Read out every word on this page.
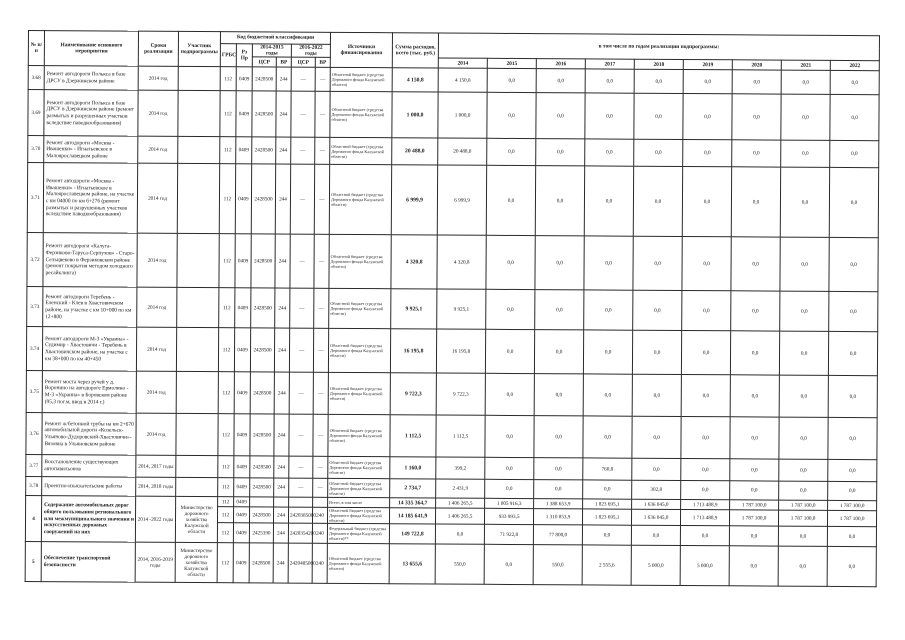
№ п/п	Наименование основного мероприятия	Сроки реализации	Участник подпрограммы	Код бюджетной классификации						Источники финансирования	Сумма расходов, всего (тыс. руб.)	в том числе по годам реализации подпрограммы:								
				ГРБС	Рз Пр	2014-2015 годы		2016-2022 годы												

						ЦСР	ВР	ЦСР	ВР			2014	2015	2016	2017	2018	2019	2020	2021	2022
3.68	Ремонт автодороги Полькса в базе ДРСУ в Дзержинском районе	2014 год		112	0409	2428500	244	—	—	Областной бюджет (средства Дорожного фонда Калужской области)	4 150,8	4 150,8	0,0	0,0	0,0	0,0	0,0	0,0	0,0	0,0
3.69	Ремонт автодороги Полькса в базе ДРСУ в Дзержинском районе (ремонт размытых и разрушенных участков вследствие паводкообразования)	2014 год		112	0409	2428500	244	—	—	Областной бюджет (средства Дорожного фонда Калужской области)	1 000,0	1 000,0	0,0	0,0	0,0	0,0	0,0	0,0	0,0	0,0
3.70	Ремонт автодороги «Москва - Ивашенки» - Игнатьевское в Малоярославецком районе	2014 год		112	0409	2428500	244	—	—	Областной бюджет (средства Дорожного фонда Калужской области)	20 488,0	20 488,0	0,0	0,0	0,0	0,0	0,0	0,0	0,0	0,0
3.71	Ремонт автодороги «Москва - Ивашенки» - Игнатьевское в Малоярославецком районе, на участке с км 04000 по км 6+276 (ремонт размытых и разрушенных участков вследствие паводкообразования)	2014 год		112	0409	2428500	244	—	—	Областной бюджет (средства Дорожного фонда Калужской области)	6 999,9	6 999,9	0,0	0,0	0,0	0,0	0,0	0,0	0,0	0,0
3.72	Ремонт автодороги «Калуга-Ферзиково-Таруса-Серпухов» - Старо-Сельцвеково в Ферзиковском районе (ремонт покрытия методом холодного ресайклинга)	2014 год		112	0409	2428500	244	—	—	Областной бюджет (средства Дорожного фонда Калужской области)	4 320,8	4 320,8	0,0	0,0	0,0	0,0	0,0	0,0	0,0	0,0
3.73	Ремонт автодороги Теребень - Еленский - Клев в Хвастовичском районе, на участке с км 10+000 по км 12+800	2014 год		112	0409	2428500	244	—	—	Областной бюджет (средства Дорожного фонда Калужской области)	9 925,1	9 925,1	0,0	0,0	0,0	0,0	0,0	0,0	0,0	0,0
3.74	Ремонт автодороги М-3 «Украина» - Судимир - Хвастовичи - Теребень в Хвастовичском районе, на участке с км 38+000 по км 40+450	2014 год		112	0409	2428500	244	—	—	Областной бюджет (средства Дорожного фонда Калужской области)	16 195,8	16 195,8	0,0	0,0	0,0	0,0	0,0	0,0	0,0	0,0
3.75	Ремонт моста через ручей у д. Воронино на автодороге Ермолино - М-3 «Украина» в Боровском районе (95,3 пог.м, ввод в 2014 г.)	2014 год		112	0409	2428500	244	—	—	Областной бюджет (средства Дорожного фонда Калужской области)	9 722,3	9 722,3	0,0	0,0	0,0	0,0	0,0	0,0	0,0	0,0
3.76	Ремонт ж/бетонной трубы на км 2+670 автомобильной дороги «Козельск-Ульяново-Дудоровский-Хвастовичи»-Вязовна в Ульяновском районе	2014 год		112	0409	2428500	244	—	—	Областной бюджет (средства Дорожного фонда Калужской области)	1 112,5	1 112,5	0,0	0,0	0,0	0,0	0,0	0,0	0,0	0,0
3.77	Восстановление существующих автопавильонов	2014, 2017 годы		112	0409	2428500	244	—	—	Областной бюджет (средства Дорожного фонда Калужской области)	1 160,0	399,2	0,0	0,0	760,8	0,0	0,0	0,0	0,0	0,0
3.78	Проектно-изыскательские работы	2014, 2018 годы		112	0409	2428500	244	—	—	Областной бюджет (средства Дорожного фонда Калужской области)	2 734,7	2 431,9	0,0	0,0	0,0	302,8	0,0	0,0	0,0	0,0
4	Содержание автомобильных дорог общего пользования регионального или межмуниципального значения и искусственных дорожных сооружений на них	2014 -2022 годы	Министерство дорожного хозяйства Калужской области	112	0409					Всего, в том числе	14 335 364,7	1 406 265,5	1 005 916,3	1 388 653,9	1 823 695,1	1 636 045,0	1 713 488,9	1 787 100,0	1 787 100,0	1 787 100,0
				112	0409	2428500	244	2420385000	240	Областной бюджет (средства Дорожного фонда Калужской области)	14 185 641,9	1 406 265,5	933 993,5	1 310 853,9	1 823 695,1	1 636 045,0	1 713 488,9	1 787 100,0	1 787 100,0	1 787 100,0
				112	0409	2425390	244	2420354200	240	Федеральный бюджет (средства Дорожного фонда Калужской области)**	149 722,8	0,0	71 922,8	77 800,0	0,0	0,0	0,0	0,0	0,0	0,0
5	Обеспечение транспортной безопасности	2014, 2016-2019 годы	Министерство дорожного хозяйства Калужской области	112	0409	2428500	244	2420485000	240	Областной бюджет (средства Дорожного фонда Калужской области)	13 655,6	550,0	0,0	550,0	2 555,6	5 000,0	5 000,0	0,0	0,0	0,0
